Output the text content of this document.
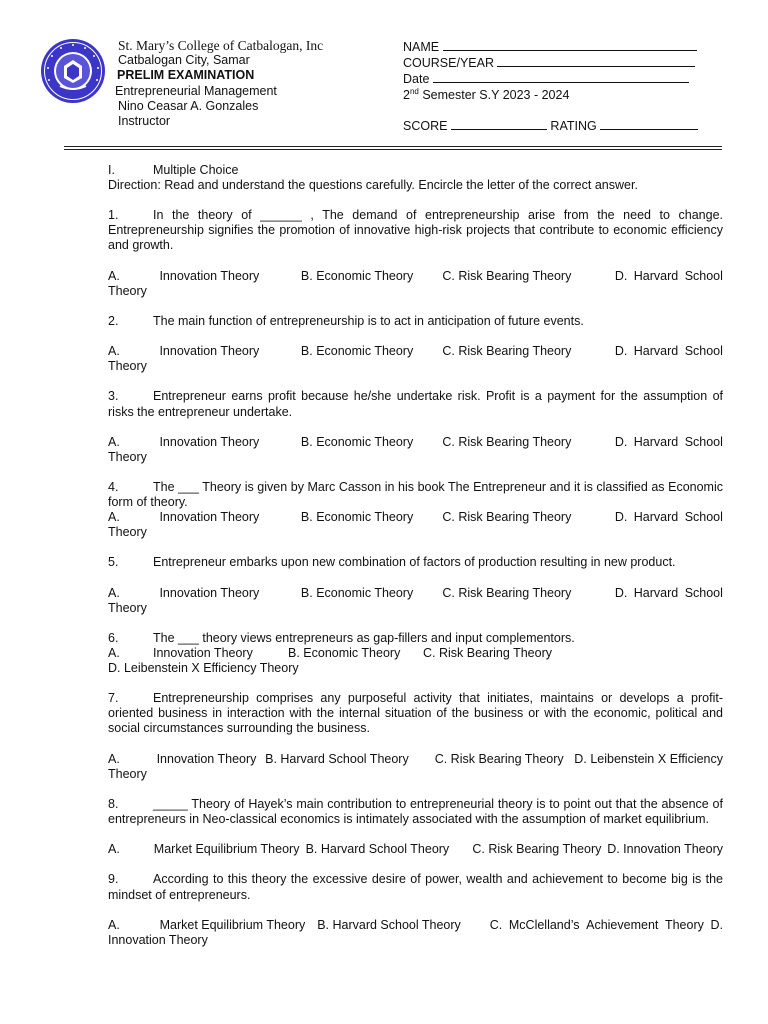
St. Mary’s College of Catbalogan, Inc
Catbalogan City, Samar
PRELIM EXAMINATION
Entrepreneurial Management
Nino Ceasar A. Gonzales
Instructor
NAME
COURSE/YEAR
Date
2nd Semester S.Y 2023 - 2024
SCORE	RATING

I.	Multiple Choice

Direction: Read and understand the questions carefully. Encircle the letter of the correct answer.

1.	In the theory of ______ , The demand of entrepreneurship arise from the need to change. Entrepreneurship signifies the promotion of innovative high-risk projects that contribute to economic efficiency and growth.

A.	Innovation Theory	B. Economic Theory	C. Risk Bearing Theory	D. Harvard School

Theory

2.	The main function of entrepreneurship is to act in anticipation of future events.

A.	Innovation Theory	B. Economic Theory	C. Risk Bearing Theory	D. Harvard School

Theory

3.	Entrepreneur earns profit because he/she undertake risk. Profit is a payment for the assumption of risks the entrepreneur undertake.

A.	Innovation Theory	B. Economic Theory	C. Risk Bearing Theory	D. Harvard School

Theory

4.	The ___ Theory is given by Marc Casson in his book The Entrepreneur and it is classified as Economic form of theory.

A.	Innovation Theory	B. Economic Theory	C. Risk Bearing Theory	D. Harvard School

Theory

5.	Entrepreneur embarks upon new combination of factors of production resulting in new product.

A.	Innovation Theory	B. Economic Theory	C. Risk Bearing Theory	D. Harvard School

Theory

6.	The ___ theory views entrepreneurs as gap-fillers and input complementors.

A.	Innovation Theory	B. Economic Theory	C. Risk Bearing Theory

D. Leibenstein X Efficiency Theory

7.	Entrepreneurship comprises any purposeful activity that initiates, maintains or develops a profit-oriented business in interaction with the internal situation of the business or with the economic, political and social circumstances surrounding the business.

A.	Innovation Theory B. Harvard School Theory	C. Risk Bearing Theory D. Leibenstein X Efficiency

Theory

8.	_____ Theory of Hayek’s main contribution to entrepreneurial theory is to point out that the absence of entrepreneurs in Neo-classical economics is intimately associated with the assumption of market equilibrium.

A.	Market Equilibrium Theory B. Harvard School Theory	C. Risk Bearing Theory D. Innovation Theory

9.	According to this theory the excessive desire of power, wealth and achievement to become big is the mindset of entrepreneurs.

A.	Market Equilibrium Theory B. Harvard School Theory	C. McClelland’s Achievement Theory D.

Innovation Theory
